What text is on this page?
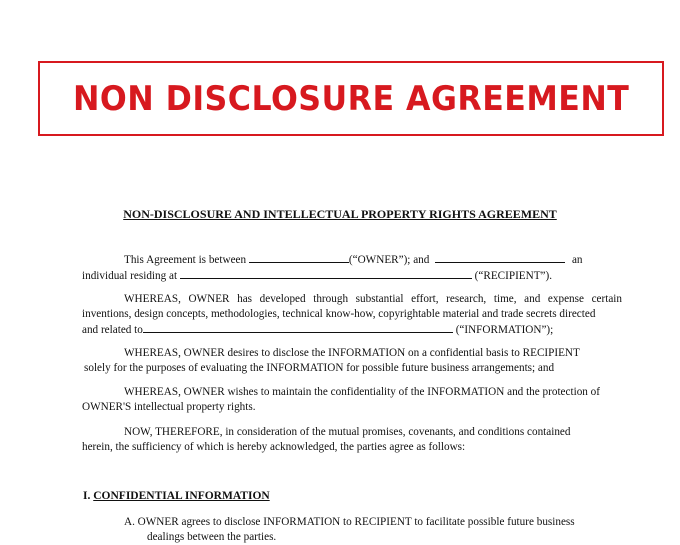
NON DISCLOSURE AGREEMENT
NON-DISCLOSURE AND INTELLECTUAL PROPERTY RIGHTS AGREEMENT
This Agreement is between	(“OWNER”); and	an
individual residing at	(“RECIPIENT”).
WHEREAS, OWNER has developed through substantial effort, research, time, and expense certain
inventions, design concepts, methodologies, technical know-how, copyrightable material and trade secrets directed
and related to	(“INFORMATION”);
WHEREAS, OWNER desires to disclose the INFORMATION on a confidential basis to RECIPIENT
solely for the purposes of evaluating the INFORMATION for possible future business arrangements; and
WHEREAS, OWNER wishes to maintain the confidentiality of the INFORMATION and the protection of
OWNER'S intellectual property rights.
NOW, THEREFORE, in consideration of the mutual promises, covenants, and conditions contained
herein, the sufficiency of which is hereby acknowledged, the parties agree as follows:
I. CONFIDENTIAL INFORMATION
A. OWNER agrees to disclose INFORMATION to RECIPIENT to facilitate possible future business
dealings between the parties.
